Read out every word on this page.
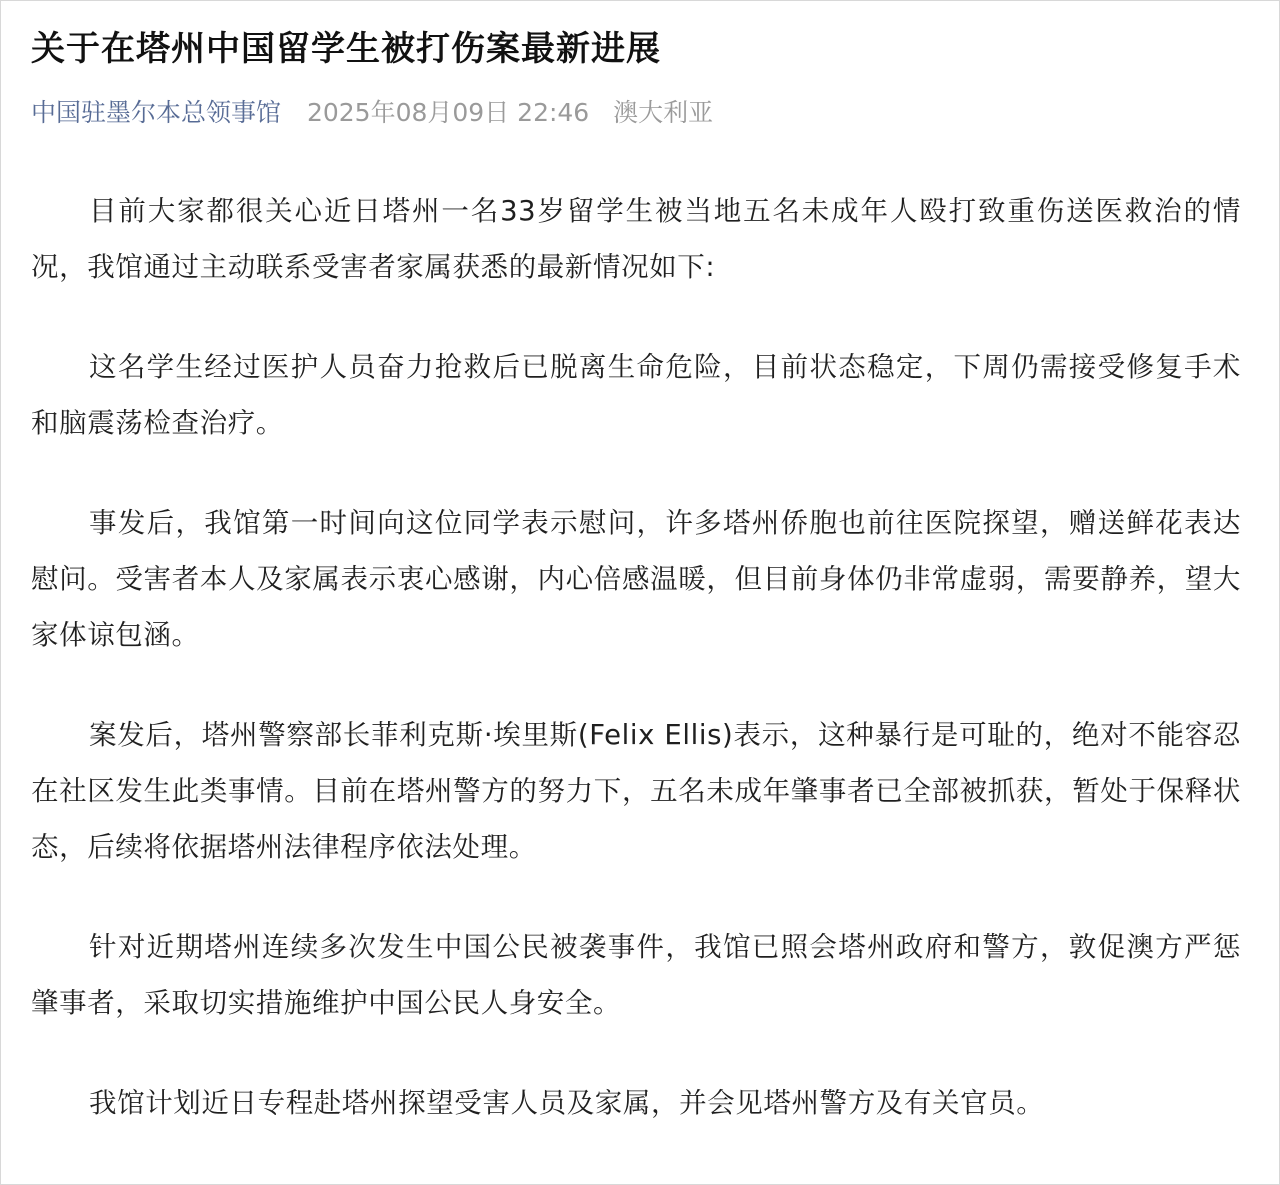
关于在塔州中国留学生被打伤案最新进展
中国驻墨尔本总领事馆 2025年08月09日 22:46 澳大利亚

目前大家都很关心近日塔州一名33岁留学生被当地五名未成年人殴打致重伤送医救治的情况，我馆通过主动联系受害者家属获悉的最新情况如下:

这名学生经过医护人员奋力抢救后已脱离生命危险，目前状态稳定，下周仍需接受修复手术和脑震荡检查治疗。

事发后，我馆第一时间向这位同学表示慰问，许多塔州侨胞也前往医院探望，赠送鲜花表达慰问。受害者本人及家属表示衷心感谢，内心倍感温暖，但目前身体仍非常虚弱，需要静养，望大家体谅包涵。

案发后，塔州警察部长菲利克斯·埃里斯(Felix Ellis)表示，这种暴行是可耻的，绝对不能容忍在社区发生此类事情。目前在塔州警方的努力下，五名未成年肇事者已全部被抓获，暂处于保释状态，后续将依据塔州法律程序依法处理。

针对近期塔州连续多次发生中国公民被袭事件，我馆已照会塔州政府和警方，敦促澳方严惩肇事者，采取切实措施维护中国公民人身安全。

我馆计划近日专程赴塔州探望受害人员及家属，并会见塔州警方及有关官员。
